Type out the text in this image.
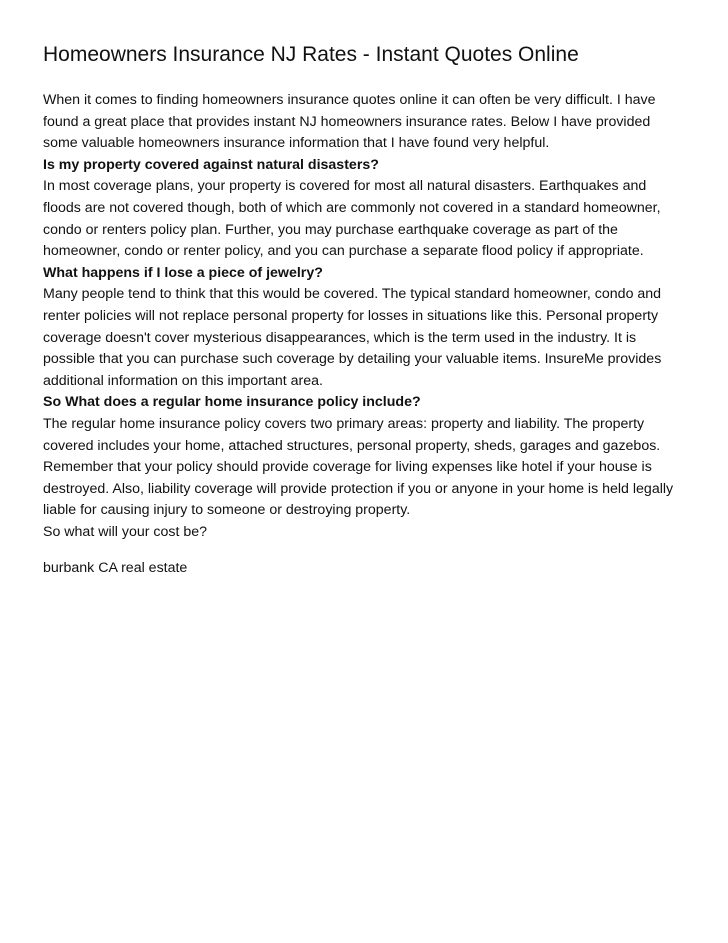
Homeowners Insurance NJ Rates - Instant Quotes Online
When it comes to finding homeowners insurance quotes online it can often be very difficult. I have
found a great place that provides instant NJ homeowners insurance rates. Below I have provided
some valuable homeowners insurance information that I have found very helpful.
Is my property covered against natural disasters?
In most coverage plans, your property is covered for most all natural disasters. Earthquakes and
floods are not covered though, both of which are commonly not covered in a standard homeowner,
condo or renters policy plan. Further, you may purchase earthquake coverage as part of the
homeowner, condo or renter policy, and you can purchase a separate flood policy if appropriate.
What happens if I lose a piece of jewelry?
Many people tend to think that this would be covered. The typical standard homeowner, condo and
renter policies will not replace personal property for losses in situations like this. Personal property
coverage doesn't cover mysterious disappearances, which is the term used in the industry. It is
possible that you can purchase such coverage by detailing your valuable items. InsureMe provides
additional information on this important area.
So What does a regular home insurance policy include?
The regular home insurance policy covers two primary areas: property and liability. The property
covered includes your home, attached structures, personal property, sheds, garages and gazebos.
Remember that your policy should provide coverage for living expenses like hotel if your house is
destroyed. Also, liability coverage will provide protection if you or anyone in your home is held legally
liable for causing injury to someone or destroying property.
So what will your cost be?
burbank CA real estate
